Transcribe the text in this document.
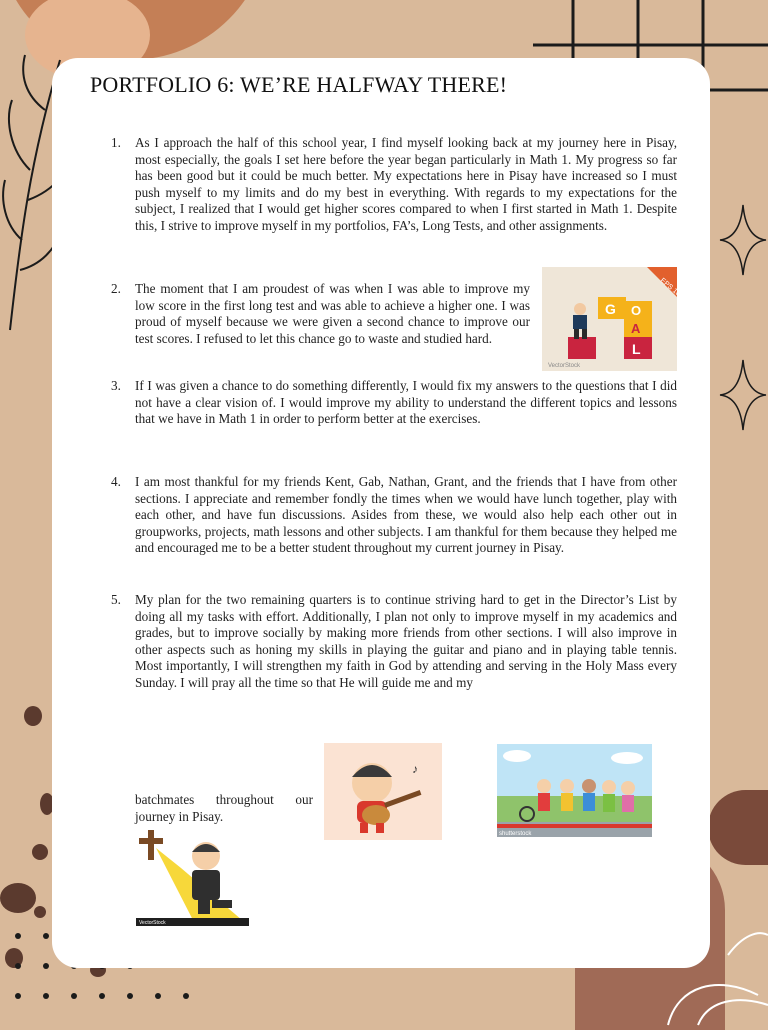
PORTFOLIO 6: WE’RE HALFWAY THERE!
1. As I approach the half of this school year, I find myself looking back at my journey here in Pisay, most especially, the goals I set here before the year began particularly in Math 1. My progress so far has been good but it could be much better. My expectations here in Pisay have increased so I must push myself to my limits and do my best in everything. With regards to my expectations for the subject, I realized that I would get higher scores compared to when I first started in Math 1. Despite this, I strive to improve myself in my portfolios, FA’s, Long Tests, and other assignments.
2. The moment that I am proudest of was when I was able to improve my low score in the first long test and was able to achieve a higher one. I was proud of myself because we were given a second chance to improve our test scores. I refused to let this chance go to waste and studied hard.
EPS 10
G O
A
L
VectorStock
3. If I was given a chance to do something differently, I would fix my answers to the questions that I did not have a clear vision of. I would improve my ability to understand the different topics and lessons that we have in Math 1 in order to perform better at the exercises.
4. I am most thankful for my friends Kent, Gab, Nathan, Grant, and the friends that I have from other sections. I appreciate and remember fondly the times when we would have lunch together, play with each other, and have fun discussions. Asides from these, we would also help each other out in groupworks, projects, math lessons and other subjects. I am thankful for them because they helped me and encouraged me to be a better student throughout my current journey in Pisay.
5. My plan for the two remaining quarters is to continue striving hard to get in the Director’s List by doing all my tasks with effort. Additionally, I plan not only to improve myself in my academics and grades, but to improve socially by making more friends from other sections. I will also improve in other aspects such as honing my skills in playing the guitar and piano and in playing table tennis. Most importantly, I will strengthen my faith in God by attending and serving in the Holy Mass every Sunday. I will pray all the time so that He will guide me and my
batchmates throughout our journey in Pisay.
♪
shutterstock
VectorStock
